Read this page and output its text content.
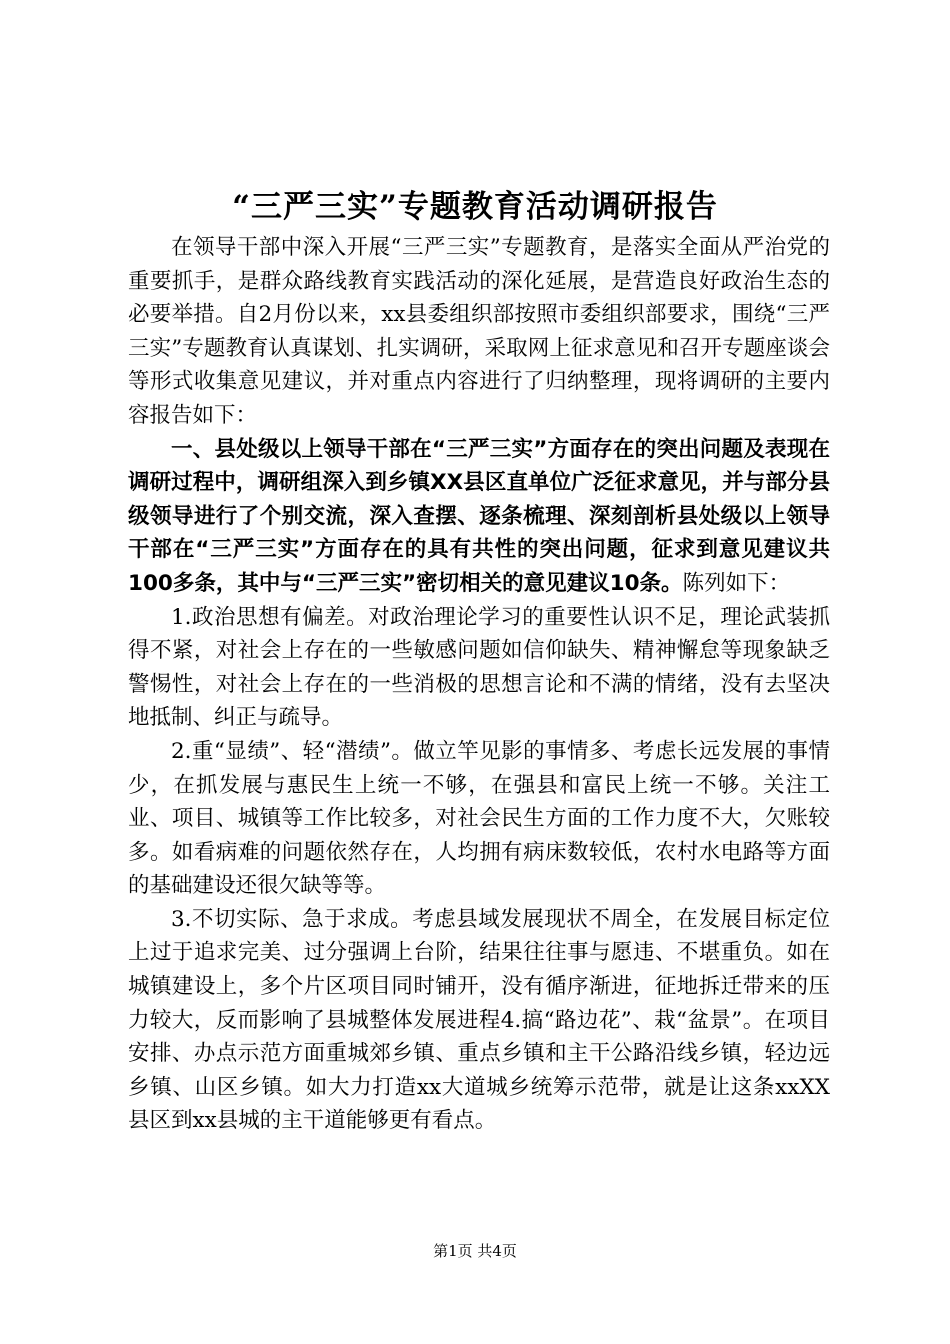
“三严三实”专题教育活动调研报告

在领导干部中深入开展“三严三实”专题教育，是落实全面从严治党的重要抓手，是群众路线教育实践活动的深化延展，是营造良好政治生态的必要举措。自2月份以来，xx县委组织部按照市委组织部要求，围绕“三严三实”专题教育认真谋划、扎实调研，采取网上征求意见和召开专题座谈会等形式收集意见建议，并对重点内容进行了归纳整理，现将调研的主要内容报告如下：

一、县处级以上领导干部在“三严三实”方面存在的突出问题及表现在调研过程中，调研组深入到乡镇XX县区直单位广泛征求意见，并与部分县级领导进行了个别交流，深入查摆、逐条梳理、深刻剖析县处级以上领导干部在“三严三实”方面存在的具有共性的突出问题，征求到意见建议共100多条，其中与“三严三实”密切相关的意见建议10条。陈列如下：

1.政治思想有偏差。对政治理论学习的重要性认识不足，理论武装抓得不紧，对社会上存在的一些敏感问题如信仰缺失、精神懈怠等现象缺乏警惕性，对社会上存在的一些消极的思想言论和不满的情绪，没有去坚决地抵制、纠正与疏导。

2.重“显绩”、轻“潜绩”。做立竿见影的事情多、考虑长远发展的事情少，在抓发展与惠民生上统一不够，在强县和富民上统一不够。关注工业、项目、城镇等工作比较多，对社会民生方面的工作力度不大，欠账较多。如看病难的问题依然存在，人均拥有病床数较低，农村水电路等方面的基础建设还很欠缺等等。

3.不切实际、急于求成。考虑县域发展现状不周全，在发展目标定位上过于追求完美、过分强调上台阶，结果往往事与愿违、不堪重负。如在城镇建设上，多个片区项目同时铺开，没有循序渐进，征地拆迁带来的压力较大，反而影响了县城整体发展进程4.搞“路边花”、栽“盆景”。在项目安排、办点示范方面重城郊乡镇、重点乡镇和主干公路沿线乡镇，轻边远乡镇、山区乡镇。如大力打造xx大道城乡统筹示范带，就是让这条xxXX县区到xx县城的主干道能够更有看点。

第1页 共4页
